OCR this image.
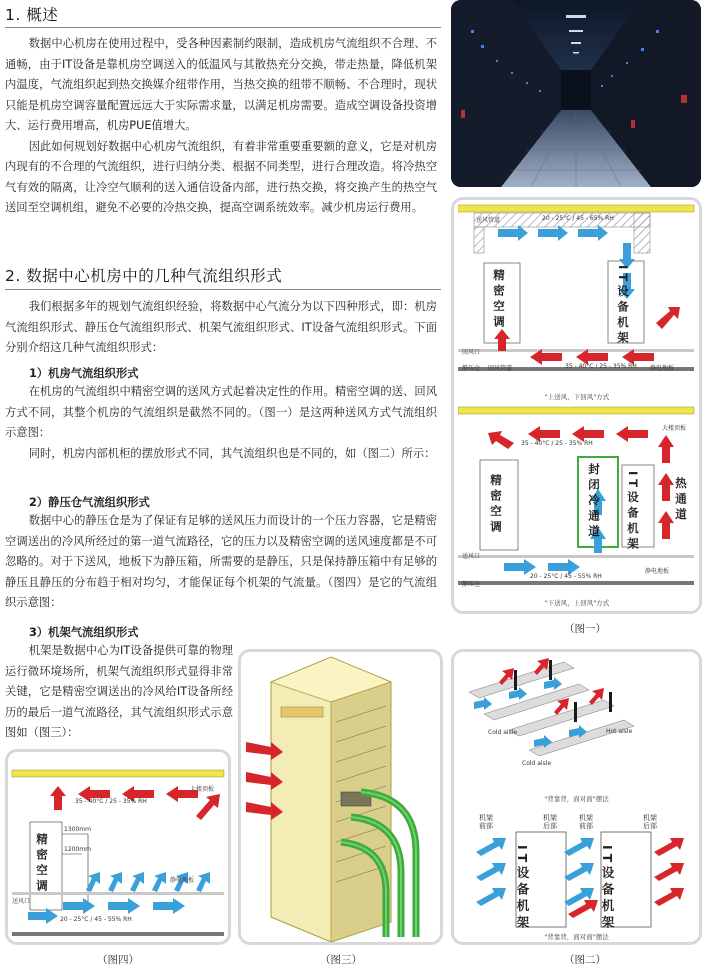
1. 概述

数据中心机房在使用过程中，受各种因素制约限制，造成机房气流组织不合理、不通畅，由于IT设备是靠机房空调送入的低温风与其散热充分交换，带走热量，降低机架内温度，气流组织起到热交换媒介纽带作用，当热交换的纽带不顺畅、不合理时，现状只能是机房空调容量配置远远大于实际需求量，以满足机房需要。造成空调设备投资增大、运行费用增高，机房PUE值增大。

因此如何规划好数据中心机房气流组织，有着非常重要重要额的意义，它是对机房内现有的不合理的气流组织，进行归纳分类、根据不同类型，进行合理改造。将冷热空气有效的隔离，让冷空气顺利的送入通信设备内部，进行热交换，将交换产生的热空气送回至空调机组，避免不必要的冷热交换，提高空调系统效率。减少机房运行费用。

2. 数据中心机房中的几种气流组织形式

我们根据多年的规划气流组织经验，将数据中心气流分为以下四种形式，即：机房气流组织形式、静压仓气流组织形式、机架气流组织形式、IT设备气流组织形式。下面分别介绍这几种气流组织形式：

1）机房气流组织形式

在机房的气流组织中精密空调的送风方式起着决定性的作用。精密空调的送、回风方式不同，其整个机房的气流组织是截然不同的。（图一）是这两种送风方式气流组织示意图：

同时，机房内部机柜的摆放形式不同，其气流组织也是不同的，如（图二）所示：

2）静压仓气流组织形式

数据中心的静压仓是为了保证有足够的送风压力而设计的一个压力容器，它是精密空调送出的冷风所经过的第一道气流路径，它的压力以及精密空调的送风速度都是不可忽略的。对于下送风，地板下为静压箱，所需要的是静压，只是保持静压箱中有足够的静压且静压的分布趋于相对均匀，才能保证每个机架的气流量。（图四）是它的气流组织示意图：

3）机架气流组织形式

机架是数据中心为IT设备提供可靠的物理运行微环境场所，机架气流组织形式显得非常关键，它是精密空调送出的冷风给IT设备所经历的最后一道气流路径，其气流组织形式示意图如（图三）：

送风管道	20 - 25°C / 45 - 65% RH
精密空调	IT设备机架
回风口
静压仓 回风管道	35 - 40°C / 25 - 35% RH 静电地板
"上送风，下回风"方式
35 - 40°C / 25 - 35% RH
大楼顶板
精密空调	封闭冷通道 IT设备机架	热通道
送风口
静压仓
20 - 25°C / 45 - 55% RH
静电地板
"下送风，上回风"方式
（图一）
（图三）
Cold aisle	Hot aisle
Cold aisle
"背靠背，面对面"摆法
机架前部
机架后部
机架前部
机架后部
IT设备机架	IT设备机架
"背靠背，面对面"摆法
（图二）
35 - 40°C / 25 - 35% RH
大楼顶板
精密空调
1300mm
1200mm
静电地板
送风口
20 - 25°C / 45 - 55% RH
（图四）
